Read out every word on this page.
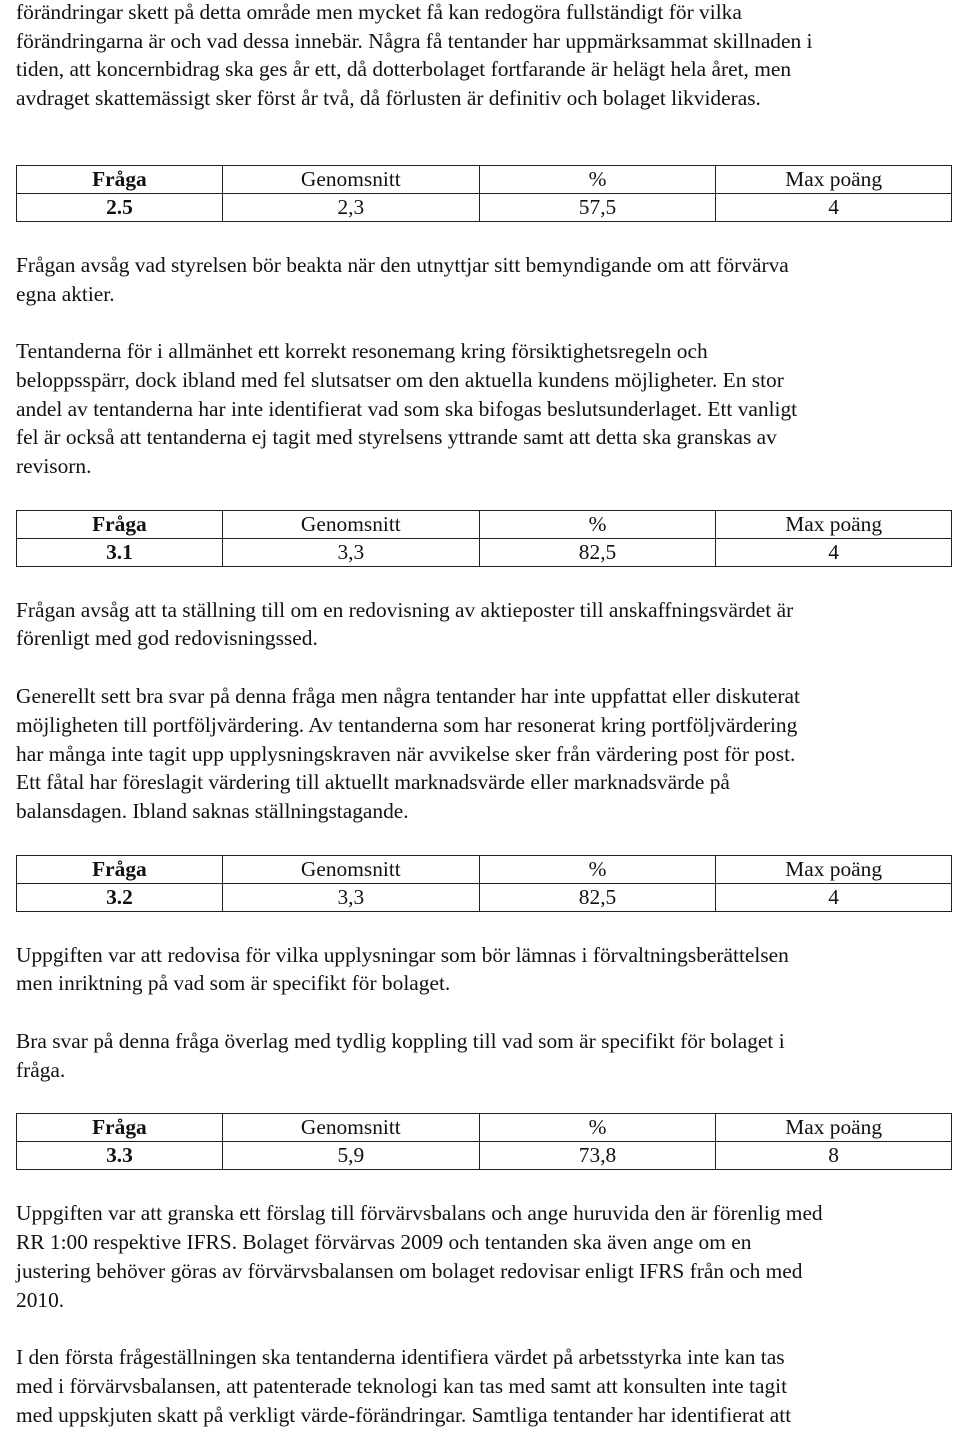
förändringar skett på detta område men mycket få kan redogöra fullständigt för vilka
förändringarna är och vad dessa innebär. Några få tentander har uppmärksammat skillnaden i
tiden, att koncernbidrag ska ges år ett, då dotterbolaget fortfarande är helägt hela året, men
avdraget skattemässigt sker först år två, då förlusten är definitiv och bolaget likvideras.

Fråga	Genomsnitt	%	Max poäng
2.5	2,3	57,5	4

Frågan avsåg vad styrelsen bör beakta när den utnyttjar sitt bemyndigande om att förvärva
egna aktier.

Tentanderna för i allmänhet ett korrekt resonemang kring försiktighetsregeln och
beloppsspärr, dock ibland med fel slutsatser om den aktuella kundens möjligheter. En stor
andel av tentanderna har inte identifierat vad som ska bifogas beslutsunderlaget. Ett vanligt
fel är också att tentanderna ej tagit med styrelsens yttrande samt att detta ska granskas av
revisorn.

Fråga	Genomsnitt	%	Max poäng
3.1	3,3	82,5	4

Frågan avsåg att ta ställning till om en redovisning av aktieposter till anskaffningsvärdet är
förenligt med god redovisningssed.

Generellt sett bra svar på denna fråga men några tentander har inte uppfattat eller diskuterat
möjligheten till portföljvärdering. Av tentanderna som har resonerat kring portföljvärdering
har många inte tagit upp upplysningskraven när avvikelse sker från värdering post för post.
Ett fåtal har föreslagit värdering till aktuellt marknadsvärde eller marknadsvärde på
balansdagen. Ibland saknas ställningstagande.

Fråga	Genomsnitt	%	Max poäng
3.2	3,3	82,5	4

Uppgiften var att redovisa för vilka upplysningar som bör lämnas i förvaltningsberättelsen
men inriktning på vad som är specifikt för bolaget.

Bra svar på denna fråga överlag med tydlig koppling till vad som är specifikt för bolaget i
fråga.

Fråga	Genomsnitt	%	Max poäng
3.3	5,9	73,8	8

Uppgiften var att granska ett förslag till förvärvsbalans och ange huruvida den är förenlig med
RR 1:00 respektive IFRS. Bolaget förvärvas 2009 och tentanden ska även ange om en
justering behöver göras av förvärvsbalansen om bolaget redovisar enligt IFRS från och med
2010.

I den första frågeställningen ska tentanderna identifiera värdet på arbetsstyrka inte kan tas
med i förvärvsbalansen, att patenterade teknologi kan tas med samt att konsulten inte tagit
med uppskjuten skatt på verkligt värde-förändringar. Samtliga tentander har identifierat att
